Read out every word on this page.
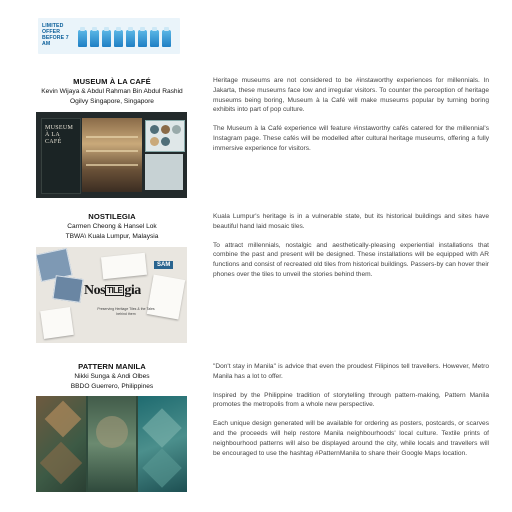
LIMITED OFFER BEFORE 7 AM
MUSEUM À LA CAFÉ
Kevin Wijaya & Abdul Rahman Bin Abdul Rashid
Ogilvy Singapore, Singapore
MUSEUM
À LA
CAFÉ

Heritage museums are not considered to be #instaworthy experiences for millennials. In Jakarta, these museums face low and irregular visitors. To counter the perception of heritage museums being boring, Museum à la Café will make museums popular by turning boring exhibits into part of pop culture.

The Museum à la Café experience will feature #instaworthy cafés catered for the millennial's Instagram page. These cafés will be modelled after cultural heritage museums, offering a fully immersive experience for visitors.

NOSTILEGIA
Carmen Cheong & Hansel Lok
TBWA\ Kuala Lumpur, Malaysia
SAM
Nos TILE gia
Preserving Heritage Tiles & the Tales behind them

Kuala Lumpur's heritage is in a vulnerable state, but its historical buildings and sites have beautiful hand laid mosaic tiles.

To attract millennials, nostalgic and aesthetically-pleasing experiential installations that combine the past and present will be designed. These installations will be equipped with AR functions and consist of recreated old tiles from historical buildings. Passers-by can hover their phones over the tiles to unveil the stories behind them.

PATTERN MANILA
Nikki Sunga & Andi Olbes
BBDO Guerrero, Philippines

"Don't stay in Manila" is advice that even the proudest Filipinos tell travellers. However, Metro Manila has a lot to offer.

Inspired by the Philippine tradition of storytelling through pattern-making, Pattern Manila promotes the metropolis from a whole new perspective.

Each unique design generated will be available for ordering as posters, postcards, or scarves and the proceeds will help restore Manila neighbourhoods' local culture. Textile prints of neighbourhood patterns will also be displayed around the city, while locals and travellers will be encouraged to use the hashtag #PatternManila to share their Google Maps location.
